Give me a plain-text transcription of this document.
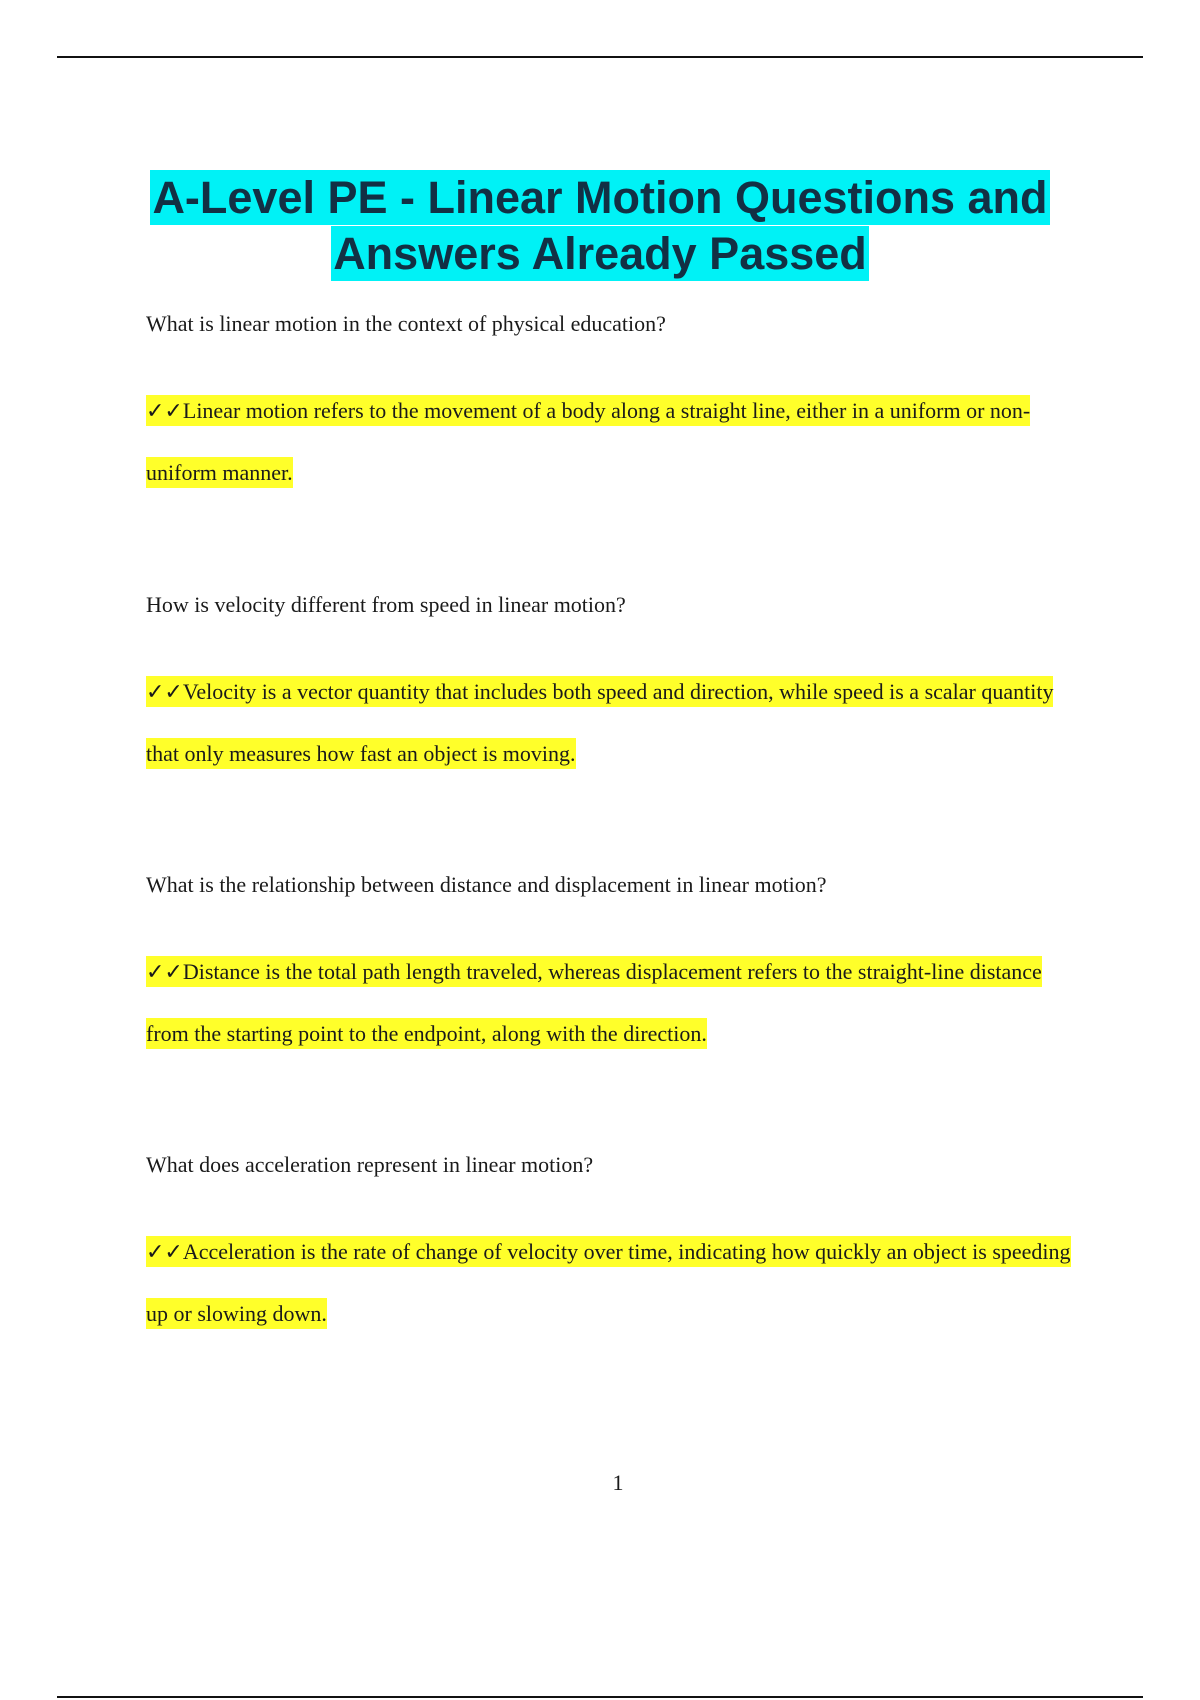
A-Level PE - Linear Motion Questions and Answers Already Passed

What is linear motion in the context of physical education?

✓✓Linear motion refers to the movement of a body along a straight line, either in a uniform or non-uniform manner.

How is velocity different from speed in linear motion?

✓✓Velocity is a vector quantity that includes both speed and direction, while speed is a scalar quantity that only measures how fast an object is moving.

What is the relationship between distance and displacement in linear motion?

✓✓Distance is the total path length traveled, whereas displacement refers to the straight-line distance from the starting point to the endpoint, along with the direction.

What does acceleration represent in linear motion?

✓✓Acceleration is the rate of change of velocity over time, indicating how quickly an object is speeding up or slowing down.

1
